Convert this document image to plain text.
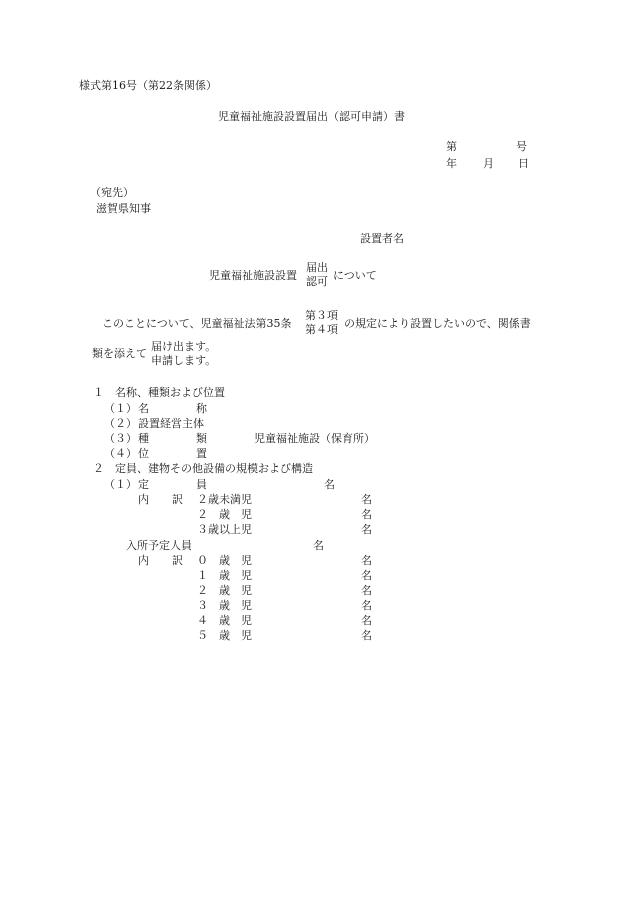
様式第16号（第22条関係）
児童福祉施設設置届出（認可申請）書
第	号
年 月 日
（宛先）
滋賀県知事
設置者名
児童福祉施設設置
届出
認可 について
このことについて、児童福祉法第35条
第３項
第４項 の規定により設置したいので、関係書
類を添えて
届け出ます。
申請します。
１　名称、種類および位置
（１） 名	称
（２） 設置経営主体
（３） 種	類	児童福祉施設（保育所）
（４） 位	置
２　定員、建物その他設備の規模および構造
（１） 定	員	名
内 訳 ２歳未満児	名
２　歳　児	名
３歳以上児	名
入所予定人員	名
内 訳 ０　歳　児	名
１　歳　児	名
２　歳　児	名
３　歳　児	名
４　歳　児	名
５　歳　児	名
